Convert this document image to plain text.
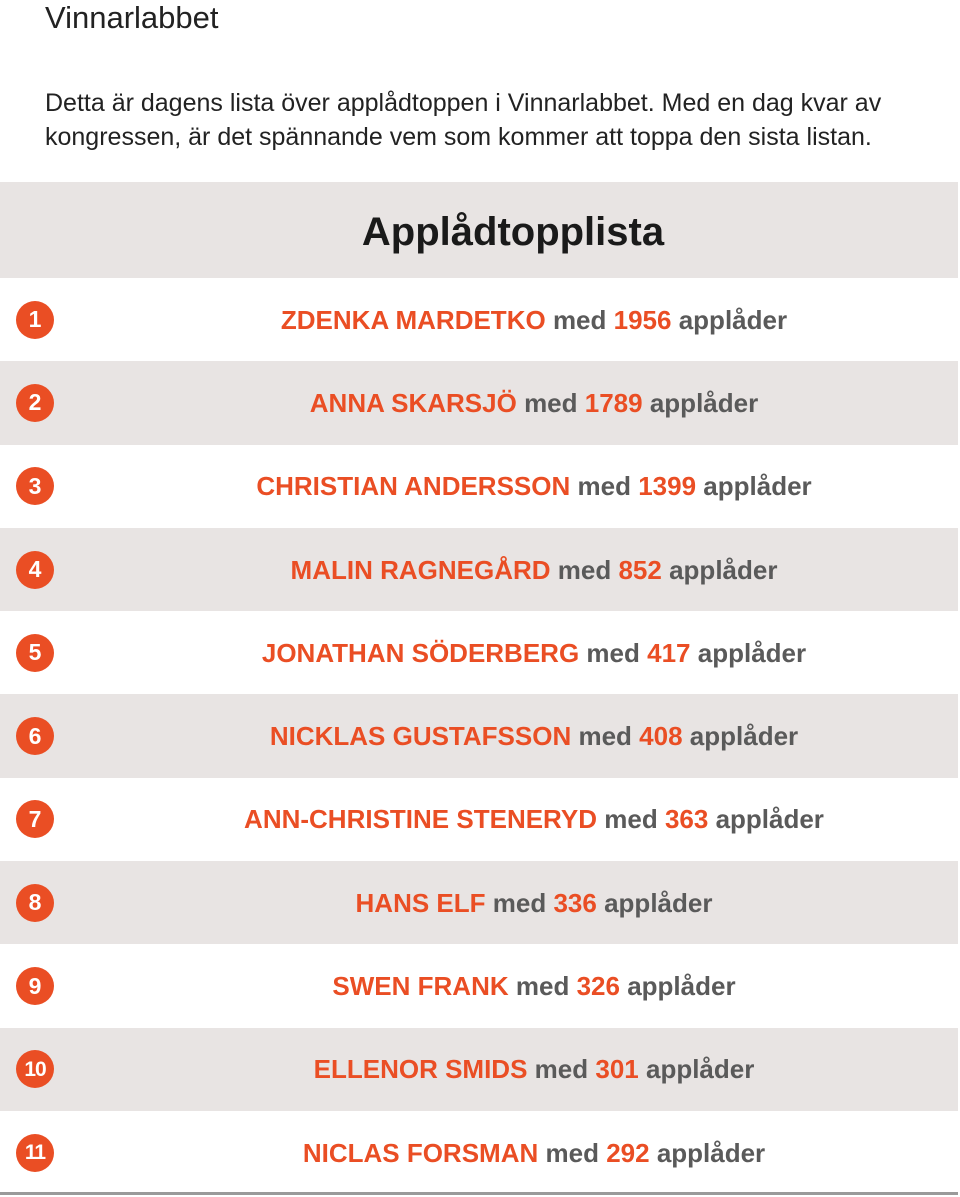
Vinnarlabbet

Detta är dagens lista över applådtoppen i Vinnarlabbet. Med en dag kvar av kongressen, är det spännande vem som kommer att toppa den sista listan.

Applådtopplista
1	ZDENKA MARDETKO med 1956 applåder
2	ANNA SKARSJÖ med 1789 applåder
3	CHRISTIAN ANDERSSON med 1399 applåder
4	MALIN RAGNEGÅRD med 852 applåder
5	JONATHAN SÖDERBERG med 417 applåder
6	NICKLAS GUSTAFSSON med 408 applåder
7	ANN-CHRISTINE STENERYD med 363 applåder
8	HANS ELF med 336 applåder
9	SWEN FRANK med 326 applåder
10	ELLENOR SMIDS med 301 applåder
11	NICLAS FORSMAN med 292 applåder
